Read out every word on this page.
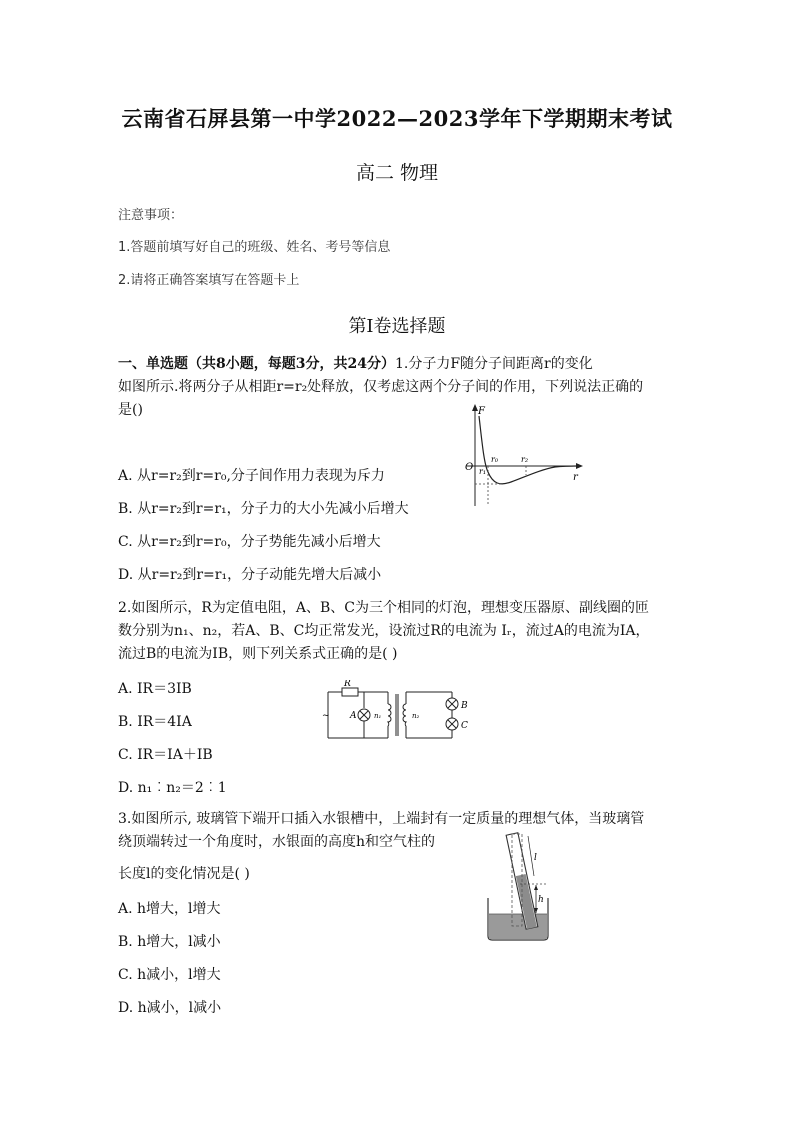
云南省石屏县第一中学2022—2023学年下学期期末考试
高二 物理
注意事项：
1.答题前填写好自己的班级、姓名、考号等信息
2.请将正确答案填写在答题卡上
第Ⅰ卷选择题
一、单选题（共8小题，每题3分，共24分）1.分子力F随分子间距离r的变化
如图所示.将两分子从相距r=r₂处释放，仅考虑这两个分子间的作用，下列说法正确的
是()
A. 从r=r₂到r=r₀,分子间作用力表现为斥力
B. 从r=r₂到r=r₁，分子力的大小先减小后增大
C. 从r=r₂到r=r₀，分子势能先减小后增大
D. 从r=r₂到r=r₁，分子动能先增大后减小
F
O
r
r₀
r₁
r₂
2.如图所示，R为定值电阻，A、B、C为三个相同的灯泡，理想变压器原、副线圈的匝
数分别为n₁、n₂，若A、B、C均正常发光，设流过R的电流为 Iᵣ，流过A的电流为IA，
流过B的电流为IB，则下列关系式正确的是( )
A. IR＝3IB
B. IR＝4IA
C. IR＝IA＋IB
D. n₁︰n₂＝2︰1
~
R
A	n₁	n₂
B
C
3.如图所示, 玻璃管下端开口插入水银槽中，上端封有一定质量的理想气体，当玻璃管
绕顶端转过一个角度时，水银面的高度h和空气柱的
长度l的变化情况是( )
A. h增大，l增大
B. h增大，l减小
C. h减小，l增大
D. h减小，l减小
h
l
